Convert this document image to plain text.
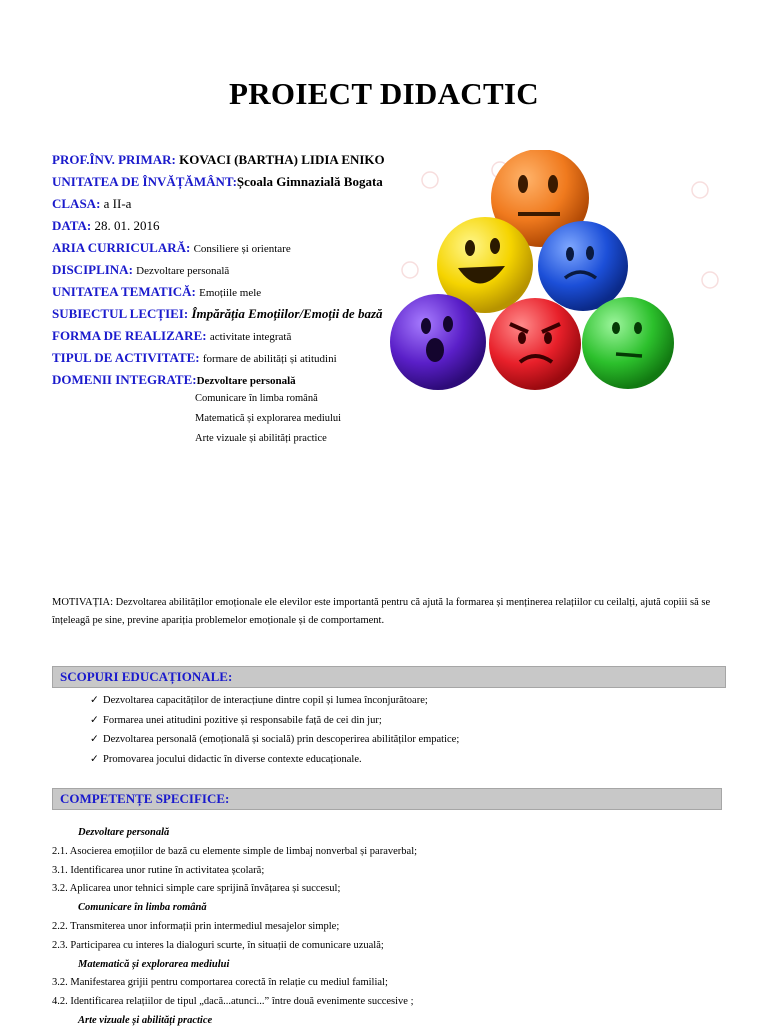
PROIECT DIDACTIC
PROF.ÎNV. PRIMAR: KOVACI (BARTHA) LIDIA ENIKO
UNITATEA DE ÎNVĂȚĂMÂNT:Școala Gimnazială Bogata
CLASA: a II-a
DATA: 28. 01. 2016
ARIA CURRICULARĂ: Consiliere și orientare
DISCIPLINA: Dezvoltare personală
UNITATEA TEMATICĂ: Emoțiile mele
SUBIECTUL LECȚIEI: Împărăția Emoțiilor/Emoții de bază
FORMA DE REALIZARE: activitate integrată
TIPUL DE ACTIVITATE: formare de abilități și atitudini
DOMENII INTEGRATE:Dezvoltare personală
Comunicare în limba română
Matematică și explorarea mediului
Arte vizuale și abilități practice

MOTIVAȚIA: Dezvoltarea abilităților emoționale ele elevilor este importantă pentru că ajută la formarea și menținerea relațiilor cu ceilalți, ajută copiii să se înțeleagă pe sine, previne apariția problemelor emoționale și de comportament.

SCOPURI EDUCAȚIONALE:
✓ Dezvoltarea capacităților de interacțiune dintre copil și lumea înconjurătoare;
✓ Formarea unei atitudini pozitive și responsabile față de cei din jur;
✓ Dezvoltarea personală (emoțională și socială) prin descoperirea abilităților empatice;
✓ Promovarea jocului didactic în diverse contexte educaționale.
COMPETENȚE SPECIFICE:
Dezvoltare personală
2.1. Asocierea emoțiilor de bază cu elemente simple de limbaj nonverbal și paraverbal;
3.1. Identificarea unor rutine în activitatea școlară;
3.2. Aplicarea unor tehnici simple care sprijină învățarea și succesul;
Comunicare în limba română
2.2. Transmiterea unor informații prin intermediul mesajelor simple;
2.3. Participarea cu interes la dialoguri scurte, în situații de comunicare uzuală;
Matematică și explorarea mediului
3.2. Manifestarea grijii pentru comportarea corectă în relație cu mediul familial;
4.2. Identificarea relațiilor de tipul „dacă...atunci...” între două evenimente succesive ;
Arte vizuale și abilități practice
